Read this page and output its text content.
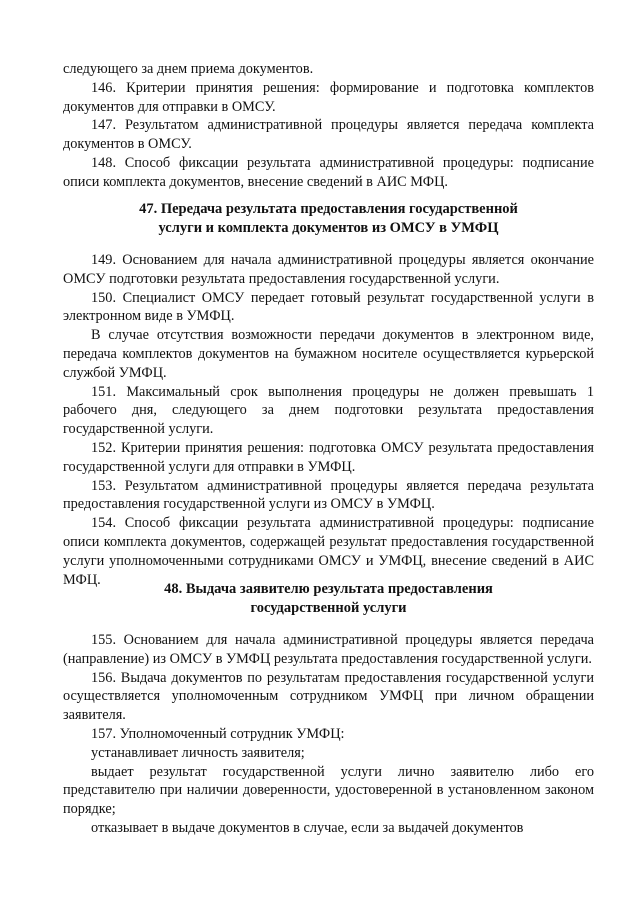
следующего за днем приема документов.

146. Критерии принятия решения: формирование и подготовка комплектов документов для отправки в ОМСУ.

147. Результатом административной процедуры является передача комплекта документов в ОМСУ.

148. Способ фиксации результата административной процедуры: подписание описи комплекта документов, внесение сведений в АИС МФЦ.

47. Передача результата предоставления государственной

услуги и комплекта документов из ОМСУ в УМФЦ

149. Основанием для начала административной процедуры является окончание ОМСУ подготовки результата предоставления государственной услуги.

150. Специалист ОМСУ передает готовый результат государственной услуги в электронном виде в УМФЦ.

В случае отсутствия возможности передачи документов в электронном виде, передача комплектов документов на бумажном носителе осуществляется курьерской службой УМФЦ.

151. Максимальный срок выполнения процедуры не должен превышать 1 рабочего дня, следующего за днем подготовки результата предоставления государственной услуги.

152. Критерии принятия решения: подготовка ОМСУ результата предоставления государственной услуги для отправки в УМФЦ.

153. Результатом административной процедуры является передача результата предоставления государственной услуги из ОМСУ в УМФЦ.

154. Способ фиксации результата административной процедуры: подписание описи комплекта документов, содержащей результат предоставления государственной услуги уполномоченными сотрудниками ОМСУ и УМФЦ, внесение сведений в АИС МФЦ.

48. Выдача заявителю результата предоставления

государственной услуги

155. Основанием для начала административной процедуры является передача (направление) из ОМСУ в УМФЦ результата предоставления государственной услуги.

156. Выдача документов по результатам предоставления государственной услуги осуществляется уполномоченным сотрудником УМФЦ при личном обращении заявителя.

157. Уполномоченный сотрудник УМФЦ:

устанавливает личность заявителя;

выдает результат государственной услуги лично заявителю либо его представителю при наличии доверенности, удостоверенной в установленном законом порядке;

отказывает в выдаче документов в случае, если за выдачей документов
